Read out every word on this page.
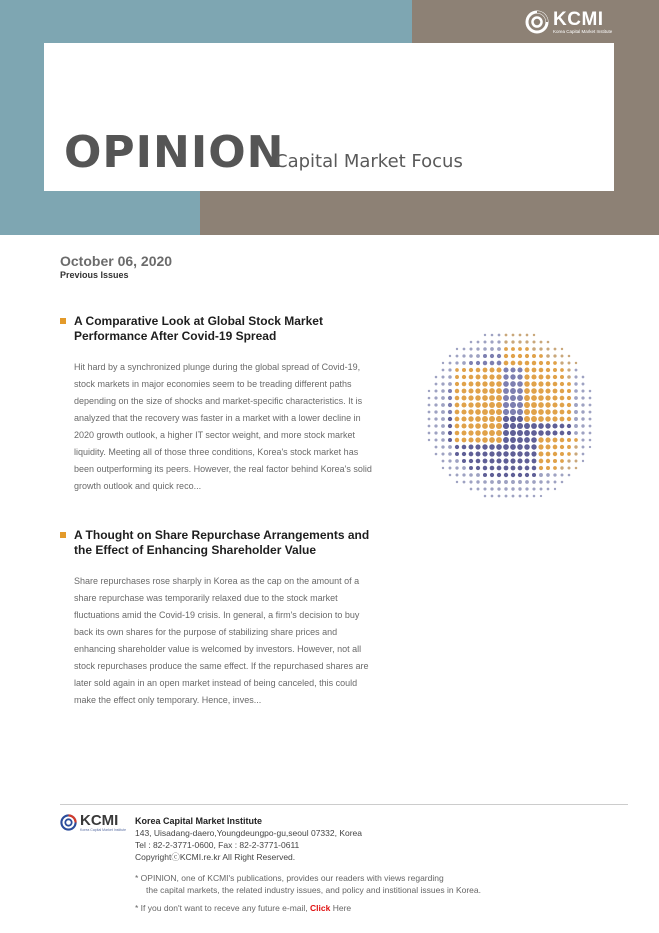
KCMI
Korea Capital Market Institute
OPINION
Capital Market Focus
October 06, 2020
Previous Issues
A Comparative Look at Global Stock Market Performance After Covid-19 Spread
Hit hard by a synchronized plunge during the global spread of Covid-19, stock markets in major economies seem to be treading different paths depending on the size of shocks and market-specific characteristics. It is analyzed that the recovery was faster in a market with a lower decline in 2020 growth outlook, a higher IT sector weight, and more stock market liquidity. Meeting all of those three conditions, Korea's stock market has been outperforming its peers. However, the real factor behind Korea's solid growth outlook and quick reco...
A Thought on Share Repurchase Arrangements and the Effect of Enhancing Shareholder Value
Share repurchases rose sharply in Korea as the cap on the amount of a share repurchase was temporarily relaxed due to the stock market fluctuations amid the Covid-19 crisis. In general, a firm's decision to buy back its own shares for the purpose of stabilizing share prices and enhancing shareholder value is welcomed by investors. However, not all stock repurchases produce the same effect. If the repurchased shares are later sold again in an open market instead of being canceled, this could make the effect only temporary. Hence, inves...
KCMI
Korea Capital Market Institute
Korea Capital Market Institute
143, Uisadang-daero,Youngdeungpo-gu,seoul 07332, Korea
Tel : 82-2-3771-0600, Fax : 82-2-3771-0611
CopyrightⓒKCMI.re.kr All Right Reserved.
* OPINION, one of KCMI's publications, provides our readers with views regarding
the capital markets, the related industry issues, and policy and institional issues in Korea.
* If you don't want to receve any future e-mail, Click Here
